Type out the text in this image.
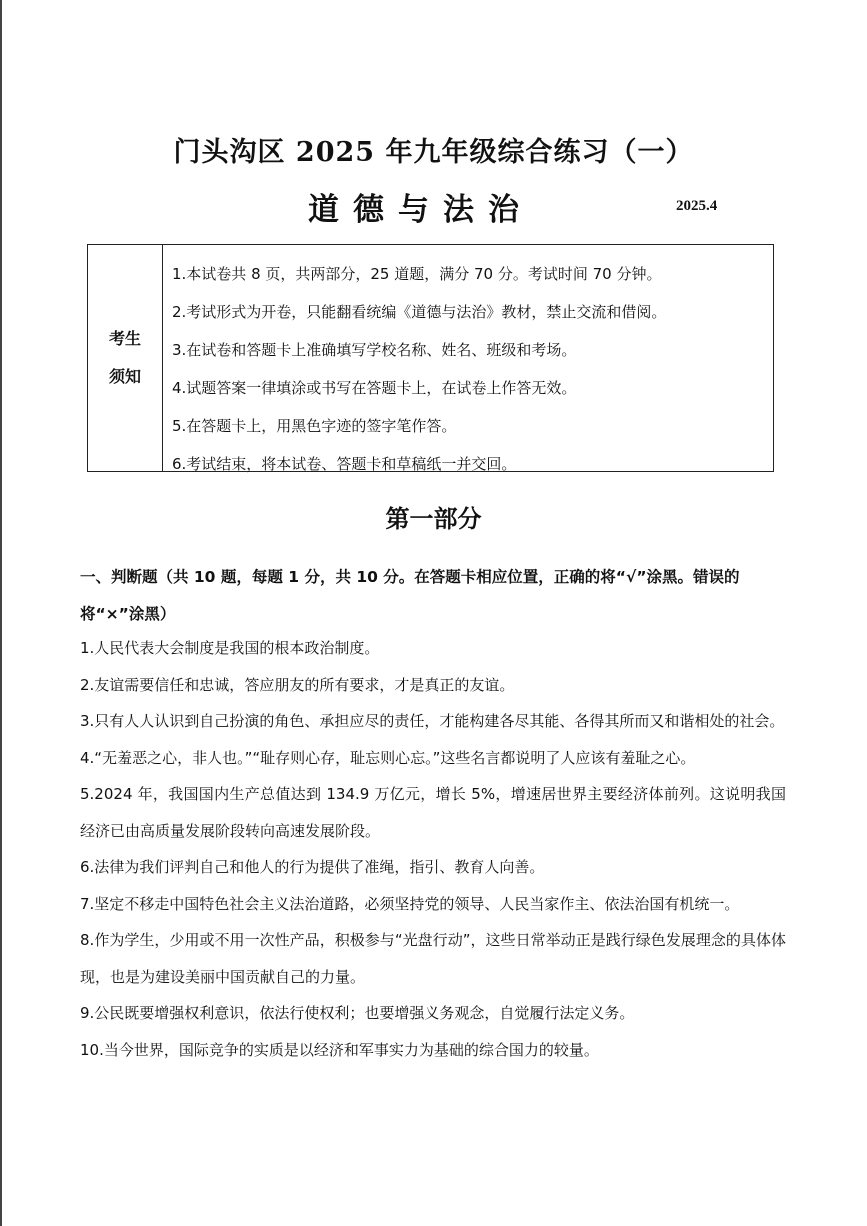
门头沟区 2025 年九年级综合练习（一）
道德与法治	2025.4
考生
须知
1.本试卷共 8 页，共两部分，25 道题，满分 70 分。考试时间 70 分钟。
2.考试形式为开卷，只能翻看统编《道德与法治》教材，禁止交流和借阅。
3.在试卷和答题卡上准确填写学校名称、姓名、班级和考场。
4.试题答案一律填涂或书写在答题卡上，在试卷上作答无效。
5.在答题卡上，用黑色字迹的签字笔作答。
6.考试结束，将本试卷、答题卡和草稿纸一并交回。
第一部分
一、判断题（共 10 题，每题 1 分，共 10 分。在答题卡相应位置，正确的将“√”涂黑。错误的将“×”涂黑）
1.人民代表大会制度是我国的根本政治制度。
2.友谊需要信任和忠诚，答应朋友的所有要求，才是真正的友谊。
3.只有人人认识到自己扮演的角色、承担应尽的责任，才能构建各尽其能、各得其所而又和谐相处的社会。
4.“无羞恶之心，非人也。”“耻存则心存，耻忘则心忘。”这些名言都说明了人应该有羞耻之心。
5.2024 年，我国国内生产总值达到 134.9 万亿元，增长 5%，增速居世界主要经济体前列。这说明我国经济已由高质量发展阶段转向高速发展阶段。
6.法律为我们评判自己和他人的行为提供了准绳，指引、教育人向善。
7.坚定不移走中国特色社会主义法治道路，必须坚持党的领导、人民当家作主、依法治国有机统一。
8.作为学生，少用或不用一次性产品，积极参与“光盘行动”，这些日常举动正是践行绿色发展理念的具体体现，也是为建设美丽中国贡献自己的力量。
9.公民既要增强权利意识，依法行使权利；也要增强义务观念，自觉履行法定义务。
10.当今世界，国际竞争的实质是以经济和军事实力为基础的综合国力的较量。
